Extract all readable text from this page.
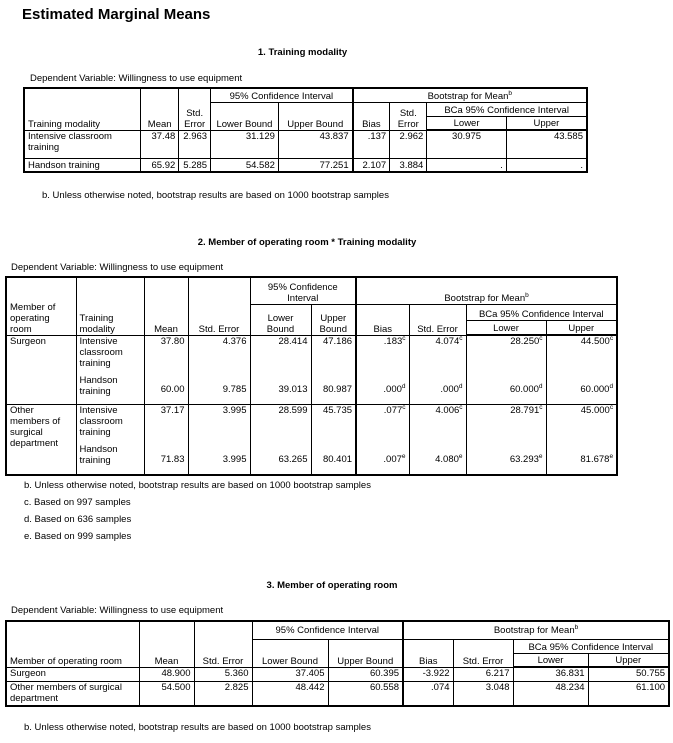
Estimated Marginal Means
1. Training modality
Dependent Variable: Willingness to use equipment
Training modality	Mean	Std. Error	95% Confidence Interval		Bootstrap for Mean$^b$
			Lower Bound	Upper Bound	Bias	Std. Error	BCa 95% Confidence Interval	
							Lower	Upper
Intensive classroom training	37.48	2.963	31.129	43.837	.137	2.962	30.975	43.585
Handson training	65.92	5.285	54.582	77.251	2.107	3.884	.	.
b. Unless otherwise noted, bootstrap results are based on 1000 bootstrap samples
2. Member of operating room * Training modality
Dependent Variable: Willingness to use equipment
Member of operating room	Training modality	Mean	Std. Error	95% Confidence Interval		Bootstrap for Mean$^b$
				Lower Bound	Upper Bound	Bias	Std. Error	BCa 95% Confidence Interval	
								Lower	Upper
Surgeon	Intensive classroom training	37.80	4.376	28.414	47.186	.183$^c$	4.074$^c$	28.250$^c$	44.500$^c$
	Handson training	60.00	9.785	39.013	80.987	.000$^d$	.000$^d$	60.000$^d$	60.000$^d$
Other members of surgical department	Intensive classroom training	37.17	3.995	28.599	45.735	.077$^c$	4.006$^c$	28.791$^c$	45.000$^c$
	Handson training	71.83	3.995	63.265	80.401	.007e	4.080e	63.293e	81.678e
b. Unless otherwise noted, bootstrap results are based on 1000 bootstrap samples
c. Based on 997 samples
d. Based on 636 samples
e. Based on 999 samples
3. Member of operating room
Dependent Variable: Willingness to use equipment
Member of operating room	Mean	Std. Error	95% Confidence Interval		Bootstrap for Mean$^b$
			Lower Bound	Upper Bound	Bias	Std. Error	BCa 95% Confidence Interval	
							Lower	Upper
Surgeon	48.900	5.360	37.405	60.395	-3.922	6.217	36.831	50.755
Other members of surgical department	54.500	2.825	48.442	60.558	.074	3.048	48.234	61.100
b. Unless otherwise noted, bootstrap results are based on 1000 bootstrap samples
